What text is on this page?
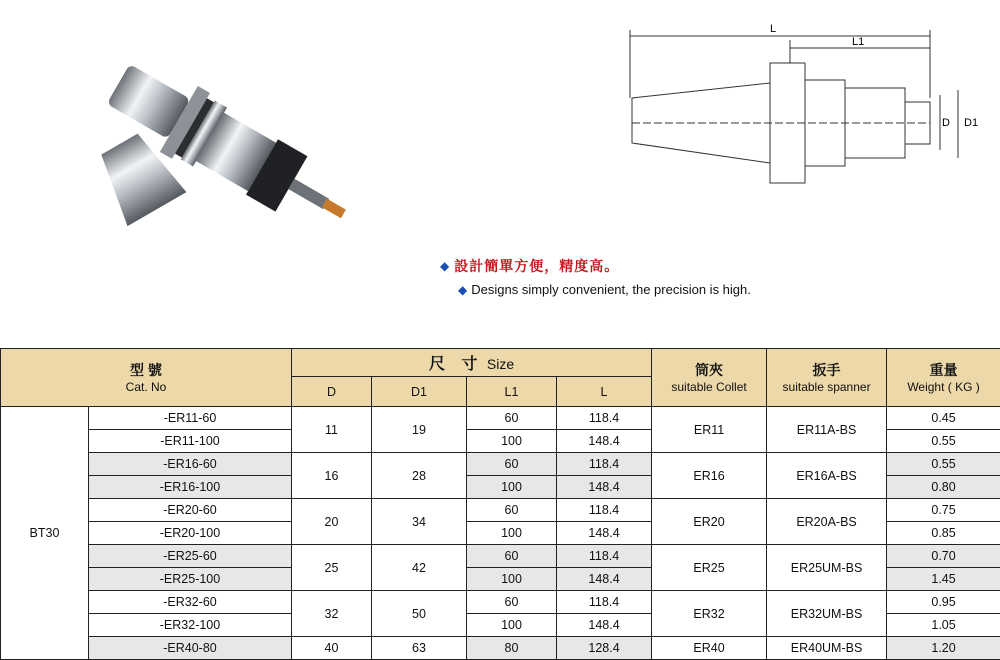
L
L1
D D1
◆ 設計簡單方便，精度高。
◆ Designs simply convenient, the precision is high.
型 號
Cat. No		尺 寸 Size				筒夾
suitable Collet	扳手
suitable spanner	重量
Weight ( KG )

		D	D1	L1	L			
BT30	-ER11-60	11	19	60	118.4	ER11	ER11A-BS	0.45
	-ER11-100			100	148.4			0.55
	-ER16-60	16	28	60	118.4	ER16	ER16A-BS	0.55
	-ER16-100			100	148.4			0.80
	-ER20-60	20	34	60	118.4	ER20	ER20A-BS	0.75
	-ER20-100			100	148.4			0.85
	-ER25-60	25	42	60	118.4	ER25	ER25UM-BS	0.70
	-ER25-100			100	148.4			1.45
	-ER32-60	32	50	60	118.4	ER32	ER32UM-BS	0.95
	-ER32-100			100	148.4			1.05
	-ER40-80	40	63	80	128.4	ER40	ER40UM-BS	1.20
